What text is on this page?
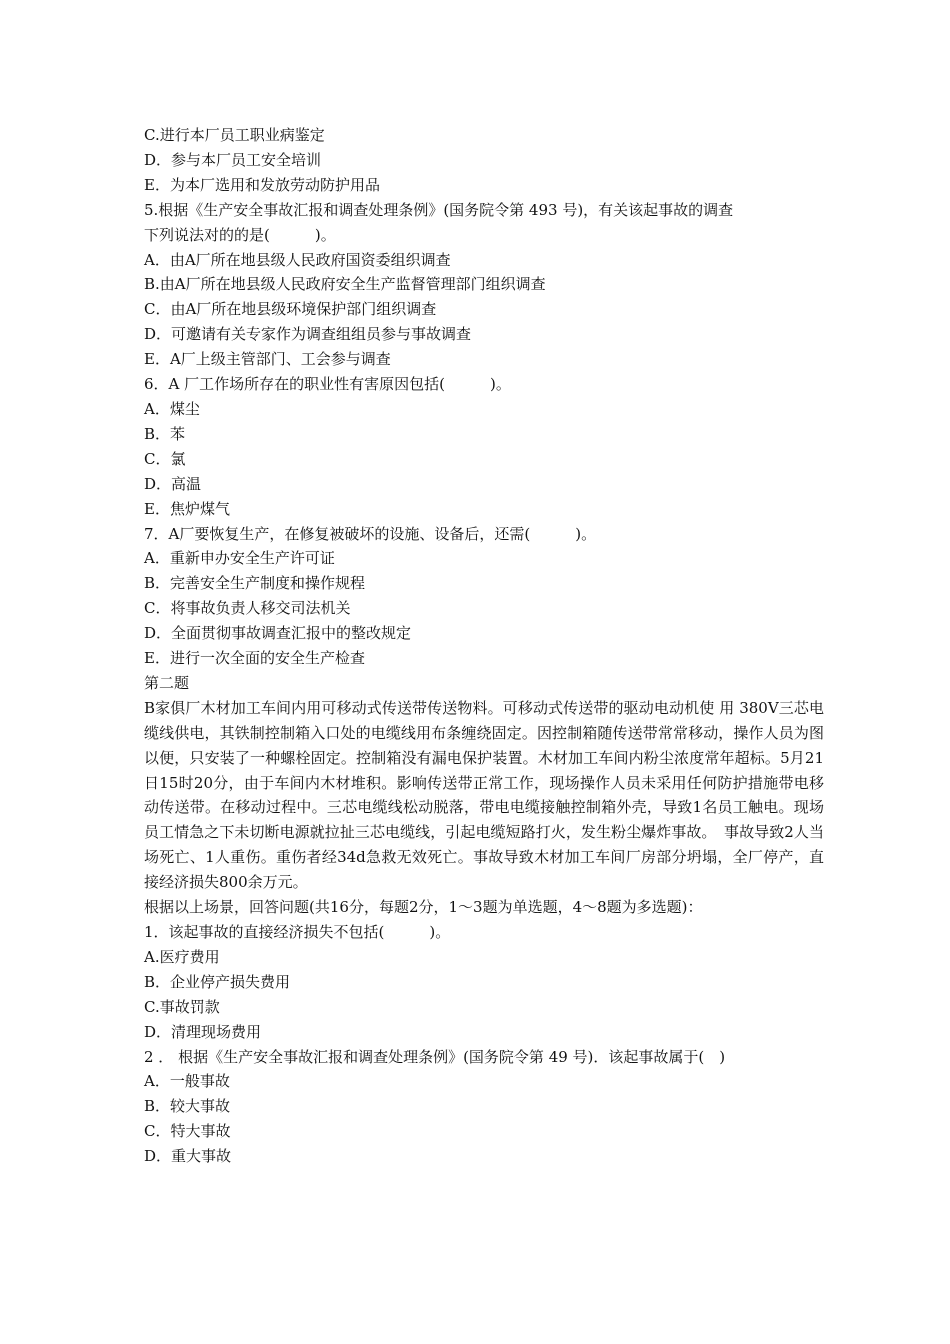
C.进行本厂员工职业病鉴定
D．参与本厂员工安全培训
E．为本厂选用和发放劳动防护用品
5.根据《生产安全事故汇报和调查处理条例》(国务院令第 493 号)，有关该起事故的调查
下列说法对的的是(　　　)。
A．由A厂所在地县级人民政府国资委组织调查
B.由A厂所在地县级人民政府安全生产监督管理部门组织调查
C．由A厂所在地县级环境保护部门组织调查
D．可邀请有关专家作为调查组组员参与事故调查
E．A厂上级主管部门、工会参与调查
6．A 厂工作场所存在的职业性有害原因包括(　　　)。
A．煤尘
B．苯
C．氯
D．高温
E．焦炉煤气
7．A厂要恢复生产，在修复被破坏的设施、设备后，还需(　　　)。
A．重新申办安全生产许可证
B．完善安全生产制度和操作规程
C．将事故负责人移交司法机关
D．全面贯彻事故调查汇报中的整改规定
E．进行一次全面的安全生产检查
第二题
B家俱厂木材加工车间内用可移动式传送带传送物料。可移动式传送带的驱动电动机使 用 380V三芯电缆线供电，其铁制控制箱入口处的电缆线用布条缠绕固定。因控制箱随传送带常常移动，操作人员为图以便，只安装了一种螺栓固定。控制箱没有漏电保护装置。木材加工车间内粉尘浓度常年超标。5月21日15时20分，由于车间内木材堆积。影响传送带正常工作，现场操作人员未采用任何防护措施带电移动传送带。在移动过程中。三芯电缆线松动脱落，带电电缆接触控制箱外壳，导致1名员工触电。现场员工情急之下未切断电源就拉扯三芯电缆线，引起电缆短路打火，发生粉尘爆炸事故。　事故导致2人当场死亡、1人重伤。重伤者经34d急救无效死亡。事故导致木材加工车间厂房部分坍塌，全厂停产，直接经济损失800余万元。
根据以上场景，回答问题(共16分，每题2分，1～3题为单选题，4～8题为多选题)：
1．该起事故的直接经济损失不包括(　　　)。
A.医疗费用
B．企业停产损失费用
C.事故罚款
D．清理现场费用
2 ． 根据《生产安全事故汇报和调查处理条例》(国务院令第 49 号)．该起事故属于(　)
A．一般事故
B．较大事故
C．特大事故
D．重大事故
